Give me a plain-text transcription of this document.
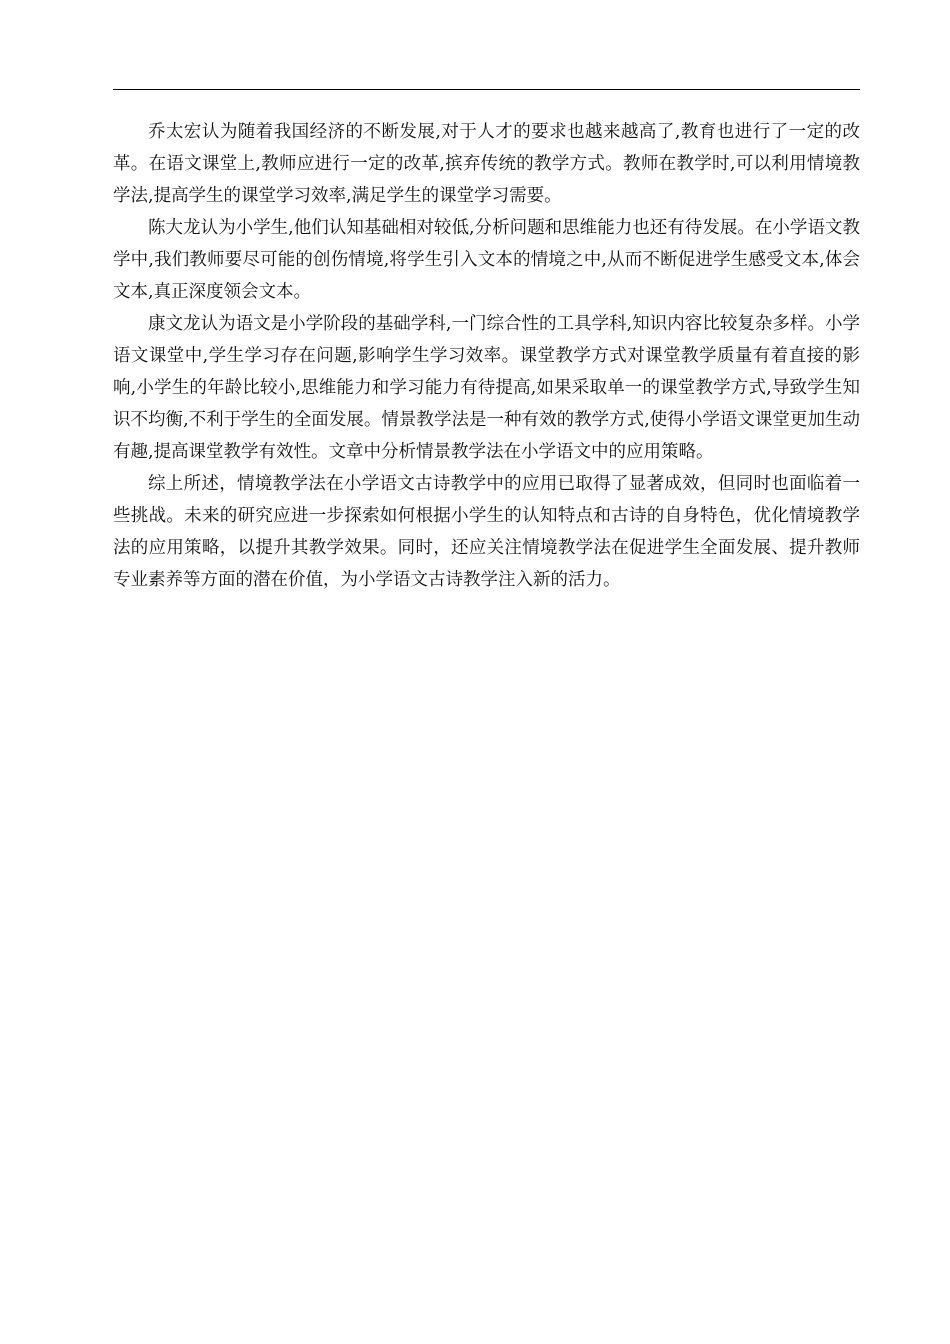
乔太宏认为随着我国经济的不断发展,对于人才的要求也越来越高了,教育也进行了一定的改革。在语文课堂上,教师应进行一定的改革,摈弃传统的教学方式。教师在教学时,可以利用情境教学法,提高学生的课堂学习效率,满足学生的课堂学习需要。

陈大龙认为小学生,他们认知基础相对较低,分析问题和思维能力也还有待发展。在小学语文教学中,我们教师要尽可能的创伤情境,将学生引入文本的情境之中,从而不断促进学生感受文本,体会文本,真正深度领会文本。

康文龙认为语文是小学阶段的基础学科,一门综合性的工具学科,知识内容比较复杂多样。小学语文课堂中,学生学习存在问题,影响学生学习效率。课堂教学方式对课堂教学质量有着直接的影响,小学生的年龄比较小,思维能力和学习能力有待提高,如果采取单一的课堂教学方式,导致学生知识不均衡,不利于学生的全面发展。情景教学法是一种有效的教学方式,使得小学语文课堂更加生动有趣,提高课堂教学有效性。文章中分析情景教学法在小学语文中的应用策略。

综上所述，情境教学法在小学语文古诗教学中的应用已取得了显著成效，但同时也面临着一些挑战。未来的研究应进一步探索如何根据小学生的认知特点和古诗的自身特色，优化情境教学法的应用策略，以提升其教学效果。同时，还应关注情境教学法在促进学生全面发展、提升教师专业素养等方面的潜在价值，为小学语文古诗教学注入新的活力。
